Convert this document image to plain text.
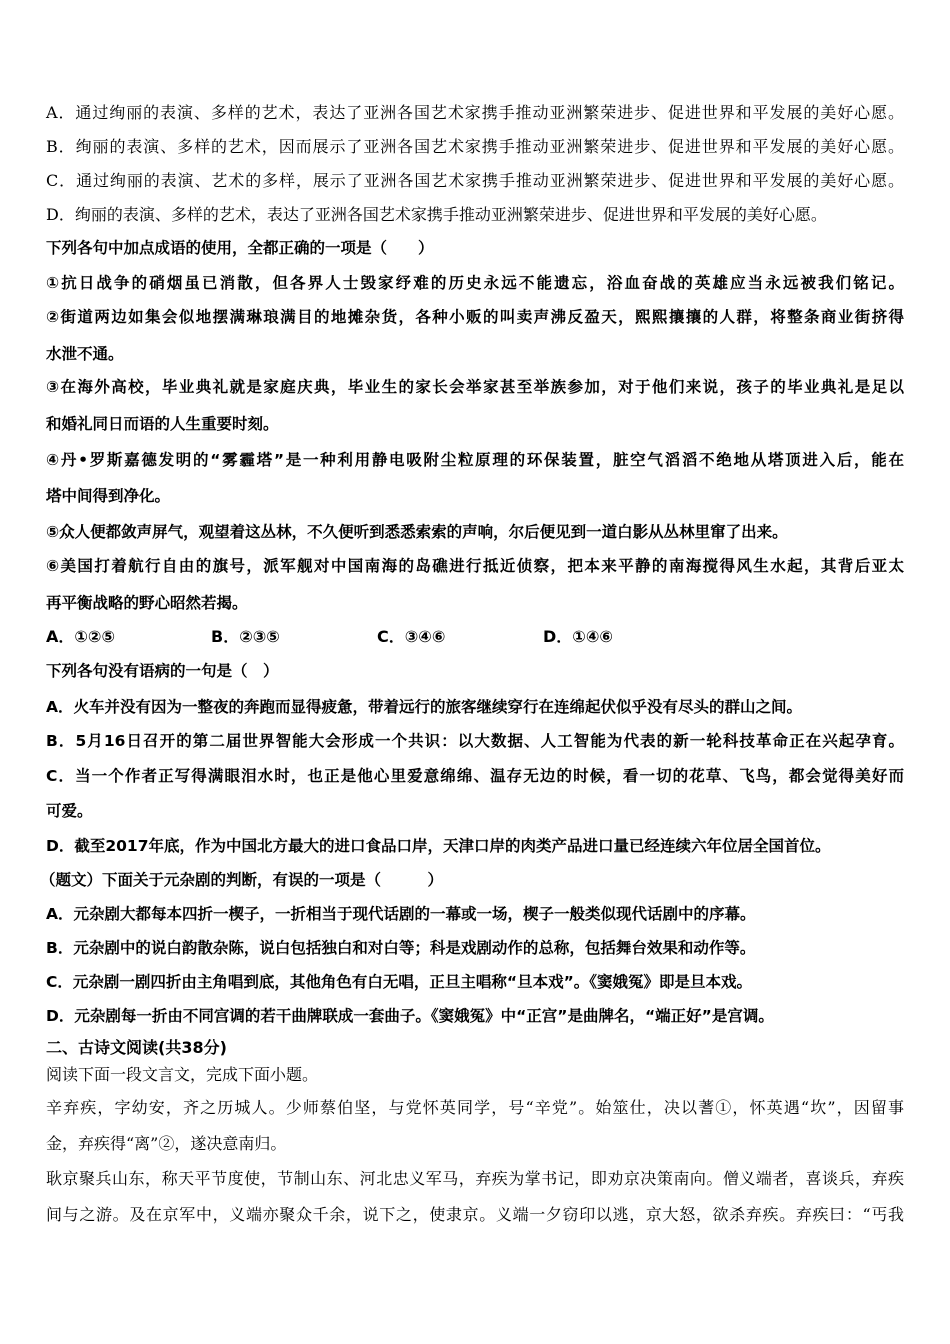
A．通过绚丽的表演、多样的艺术，表达了亚洲各国艺术家携手推动亚洲繁荣进步、促进世界和平发展的美好心愿。
B．绚丽的表演、多样的艺术，因而展示了亚洲各国艺术家携手推动亚洲繁荣进步、促进世界和平发展的美好心愿。
C．通过绚丽的表演、艺术的多样，展示了亚洲各国艺术家携手推动亚洲繁荣进步、促进世界和平发展的美好心愿。
D．绚丽的表演、多样的艺术，表达了亚洲各国艺术家携手推动亚洲繁荣进步、促进世界和平发展的美好心愿。
下列各句中加点成语的使用，全都正确的一项是（　　）
①抗日战争的硝烟虽已消散，但各界人士毁家纾难的历史永远不能遗忘，浴血奋战的英雄应当永远被我们铭记。
②街道两边如集会似地摆满琳琅满目的地摊杂货，各种小贩的叫卖声沸反盈天，熙熙攘攘的人群，将整条商业街挤得
水泄不通。
③在海外高校，毕业典礼就是家庭庆典，毕业生的家长会举家甚至举族参加，对于他们来说，孩子的毕业典礼是足以
和婚礼同日而语的人生重要时刻。
④丹•罗斯嘉德发明的“雾霾塔”是一种利用静电吸附尘粒原理的环保装置，脏空气滔滔不绝地从塔顶进入后，能在
塔中间得到净化。
⑤众人便都敛声屏气，观望着这丛林，不久便听到悉悉索索的声响，尔后便见到一道白影从丛林里窜了出来。
⑥美国打着航行自由的旗号，派军舰对中国南海的岛礁进行抵近侦察，把本来平静的南海搅得风生水起，其背后亚太
再平衡战略的野心昭然若揭。
A．①②⑤	B．②③⑤	C．③④⑥	D．①④⑥
下列各句没有语病的一句是（　）
A．火车并没有因为一整夜的奔跑而显得疲惫，带着远行的旅客继续穿行在连绵起伏似乎没有尽头的群山之间。
B．5月16日召开的第二届世界智能大会形成一个共识：以大数据、人工智能为代表的新一轮科技革命正在兴起孕育。
C．当一个作者正写得满眼泪水时，也正是他心里爱意绵绵、温存无边的时候，看一切的花草、飞鸟，都会觉得美好而
可爱。
D．截至2017年底，作为中国北方最大的进口食品口岸，天津口岸的肉类产品进口量已经连续六年位居全国首位。
（题文）下面关于元杂剧的判断，有误的一项是（　　　）
A．元杂剧大都每本四折一楔子，一折相当于现代话剧的一幕或一场，楔子一般类似现代话剧中的序幕。
B．元杂剧中的说白韵散杂陈，说白包括独白和对白等；科是戏剧动作的总称，包括舞台效果和动作等。
C．元杂剧一剧四折由主角唱到底，其他角色有白无唱，正旦主唱称“旦本戏”。《窦娥冤》即是旦本戏。
D．元杂剧每一折由不同宫调的若干曲牌联成一套曲子。《窦娥冤》中“正宫”是曲牌名，“端正好”是宫调。
二、古诗文阅读(共38分)
阅读下面一段文言文，完成下面小题。
辛弃疾，字幼安，齐之历城人。少师蔡伯坚，与党怀英同学，号“辛党”。始筮仕，决以蓍①，怀英遇“坎”，因留事
金，弃疾得“离”②，遂决意南归。
耿京聚兵山东，称天平节度使，节制山东、河北忠义军马，弃疾为掌书记，即劝京决策南向。僧义端者，喜谈兵，弃疾
间与之游。及在京军中，义端亦聚众千余，说下之，使隶京。义端一夕窃印以逃，京大怒，欲杀弃疾。弃疾曰：“丐我
